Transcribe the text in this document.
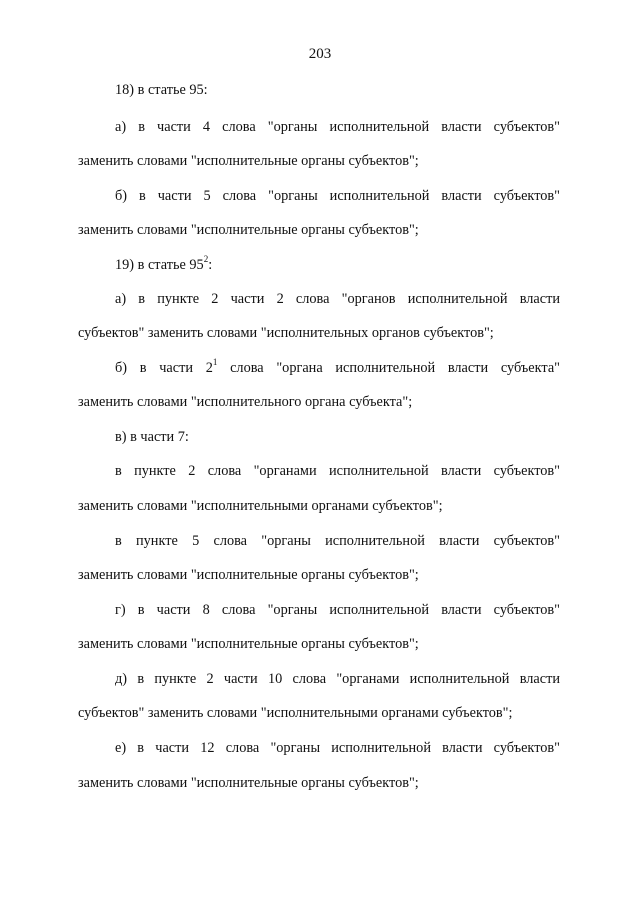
203
18) в статье 95:
а) в части 4 слова "органы исполнительной власти субъектов"
заменить словами "исполнительные органы субъектов";
б) в части 5 слова "органы исполнительной власти субъектов"
заменить словами "исполнительные органы субъектов";
19) в статье $95^2$:
а) в пункте 2 части 2 слова "органов исполнительной власти
субъектов" заменить словами "исполнительных органов субъектов";
б) в части $2^1$ слова "органа исполнительной власти субъекта"
заменить словами "исполнительного органа субъекта";
в) в части 7:
в пункте 2 слова "органами исполнительной власти субъектов"
заменить словами "исполнительными органами субъектов";
в пункте 5 слова "органы исполнительной власти субъектов"
заменить словами "исполнительные органы субъектов";
г) в части 8 слова "органы исполнительной власти субъектов"
заменить словами "исполнительные органы субъектов";
д) в пункте 2 части 10 слова "органами исполнительной власти
субъектов" заменить словами "исполнительными органами субъектов";
е) в части 12 слова "органы исполнительной власти субъектов"
заменить словами "исполнительные органы субъектов";
